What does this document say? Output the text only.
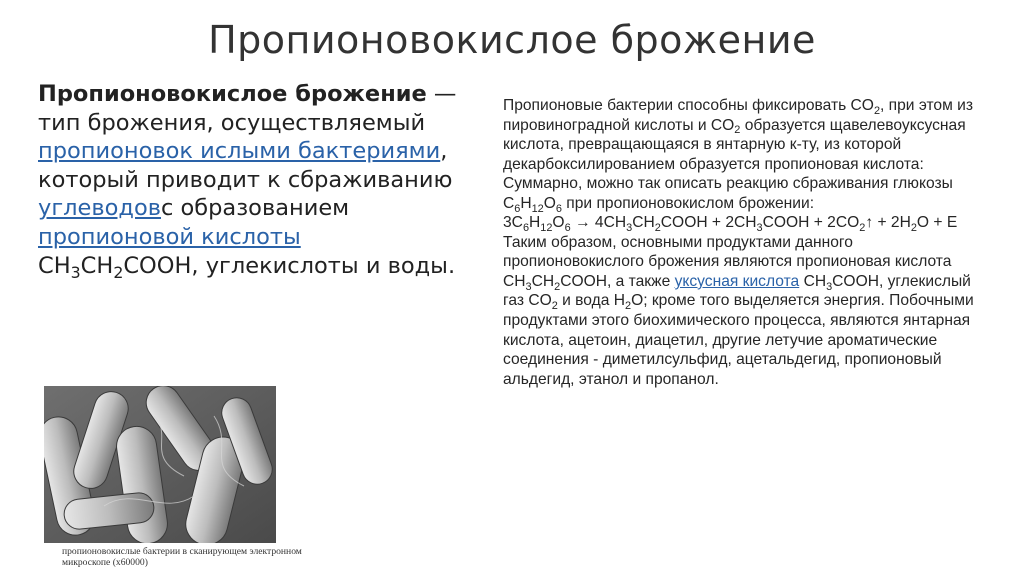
Пропионовокислое брожение
Пропионовокислое брожение — тип брожения, осуществляемый пропионовок ислыми бактериями, который приводит к сбраживанию углеводовс образованием пропионовой кислоты $CH_3CH_2COOH$, углекислоты и воды.

Пропионовые бактерии способны фиксировать $CO_2$, при этом из пировиноградной кислоты и $CO_2$ образуется щавелевоуксусная кислота, превращающаяся в янтарную к-ту, из которой декарбоксилированием образуется пропионовая кислота: Суммарно, можно так описать реакцию сбраживания глюкозы $C_6H_{12}O_6$ при пропионовокислом брожении:

$3C_6H_{12}O_6$ → $4CH_3CH_2COOH$ + $2CH_3COOH$ + $2CO_2↑ + 2H_2O + E$

Таким образом, основными продуктами данного пропионовокислого брожения являются пропионовая кислота $CH_3CH_2COOH$, а также уксусная кислота $CH_3COOH$, углекислый газ $CO_2$ и вода $H_2O$; кроме того выделяется энергия. Побочными продуктами этого биохимического процесса, являются янтарная кислота, ацетоин, диацетил, другие летучие ароматические соединения - диметилсульфид, ацетальдегид, пропионовый альдегид, этанол и пропанол.

пропионовокислые бактерии в сканирующем электронном микроскопе (x60000)
